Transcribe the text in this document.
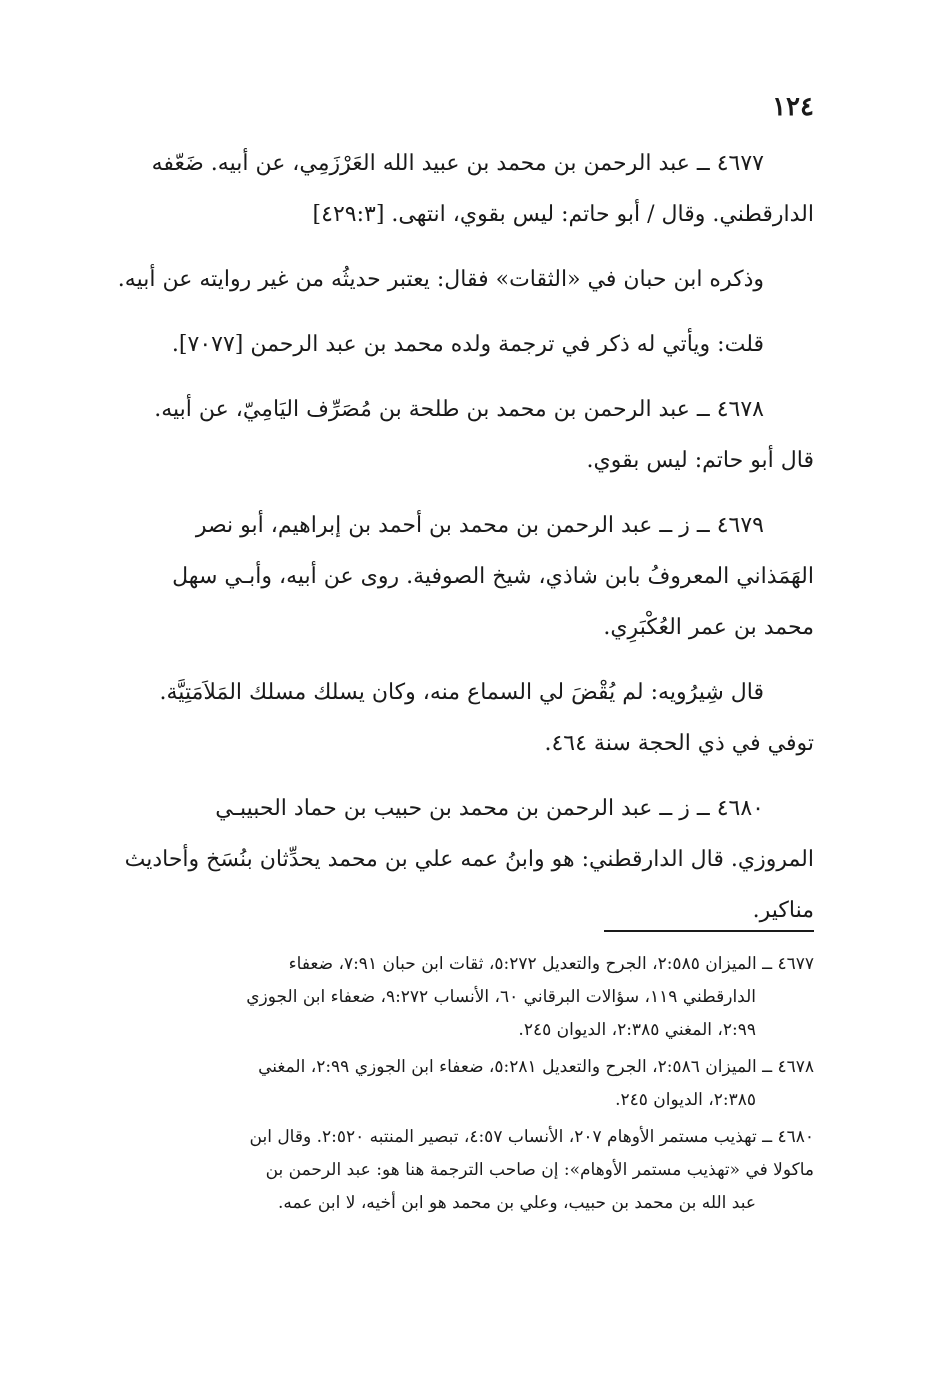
١٢٤
٤٦٧٧ ــ عبد الرحمن بن محمد بن عبيد الله العَرْزَمِي، عن أبيه. ضَعّفه
الدارقطني. وقال / أبو حاتم: ليس بقوي، انتهى. [٤٢٩:٣]
وذكره ابن حبان في «الثقات» فقال: يعتبر حديثُه من غير روايته عن أبيه.
قلت: ويأتي له ذكر في ترجمة ولده محمد بن عبد الرحمن [٧٠٧٧].
٤٦٧٨ ــ عبد الرحمن بن محمد بن طلحة بن مُصَرِّف اليَامِيّ، عن أبيه.
قال أبو حاتم: ليس بقوي.
٤٦٧٩ ــ ز ــ عبد الرحمن بن محمد بن أحمد بن إبراهيم، أبو نصر
الهَمَذاني المعروفُ بابن شاذي، شيخ الصوفية. روى عن أبيه، وأبـي سهل
محمد بن عمر العُكْبَرِي.
قال شِيرُويه: لم يُقْضَ لي السماع منه، وكان يسلك مسلك المَلاَمَتِيَّة.
توفي في ذي الحجة سنة ٤٦٤.
٤٦٨٠ ــ ز ــ عبد الرحمن بن محمد بن حبيب بن حماد الحبيبـي
المروزي. قال الدارقطني: هو وابنُ عمه علي بن محمد يحدِّثان بنُسَخ وأحاديث
مناكير.
٤٦٧٧ ــ الميزان ٢:٥٨٥، الجرح والتعديل ٥:٢٧٢، ثقات ابن حبان ٧:٩١، ضعفاء
الدارقطني ١١٩، سؤالات البرقاني ٦٠، الأنساب ٩:٢٧٢، ضعفاء ابن الجوزي
٢:٩٩، المغني ٢:٣٨٥، الديوان ٢٤٥.
٤٦٧٨ ــ الميزان ٢:٥٨٦، الجرح والتعديل ٥:٢٨١، ضعفاء ابن الجوزي ٢:٩٩، المغني
٢:٣٨٥، الديوان ٢٤٥.
٤٦٨٠ ــ تهذيب مستمر الأوهام ٢٠٧، الأنساب ٤:٥٧، تبصير المنتبه ٢:٥٢٠. وقال ابن
ماكولا في «تهذيب مستمر الأوهام»: إن صاحب الترجمة هنا هو: عبد الرحمن بن
عبد الله بن محمد بن حبيب، وعلي بن محمد هو ابن أخيه، لا ابن عمه.
